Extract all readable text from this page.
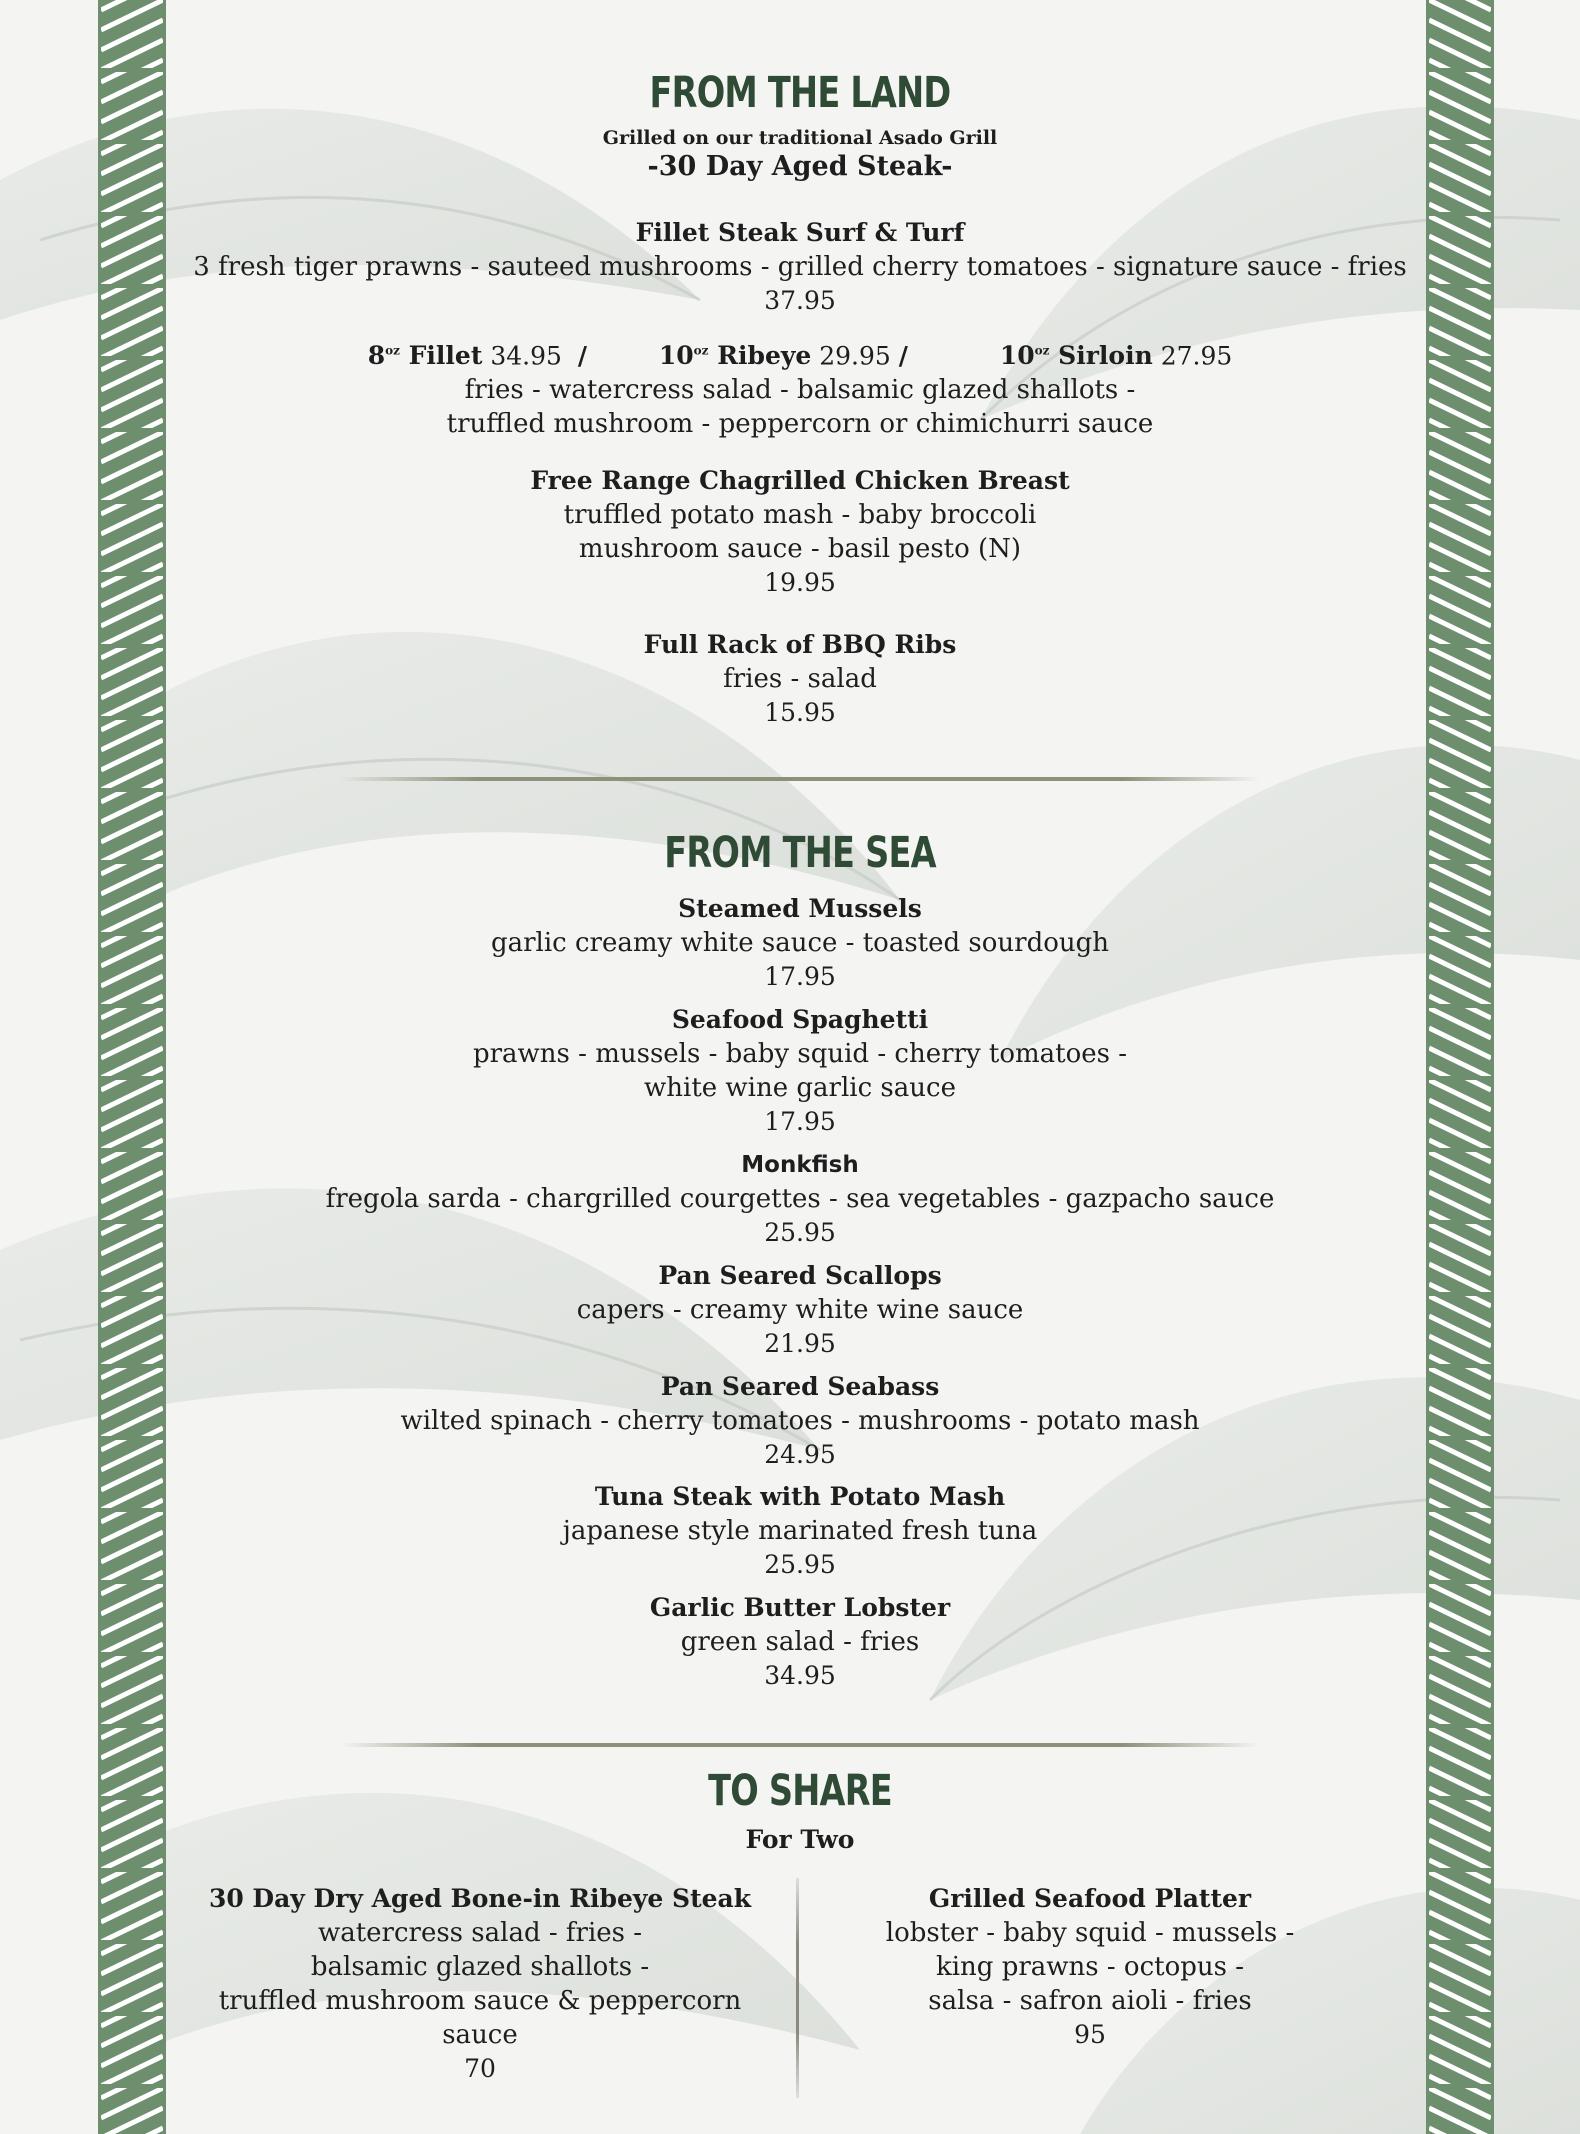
FROM THE LAND

Grilled on our traditional Asado Grill

-30 Day Aged Steak-

Fillet Steak Surf & Turf

3 fresh tiger prawns - sauteed mushrooms - grilled cherry tomatoes - signature sauce - fries

37.95

$8^{oz}$ Fillet 34.95 /	$10^{oz}$ Ribeye 29.95 /	$10^{oz}$ Sirloin 27.95

fries - watercress salad - balsamic glazed shallots -

truffled mushroom - peppercorn or chimichurri sauce

Free Range Chagrilled Chicken Breast

truffled potato mash - baby broccoli

mushroom sauce - basil pesto (N)

19.95

Full Rack of BBQ Ribs

fries - salad

15.95

FROM THE SEA

Steamed Mussels

garlic creamy white sauce - toasted sourdough

17.95

Seafood Spaghetti

prawns - mussels - baby squid - cherry tomatoes -

white wine garlic sauce

17.95

Monkfish

fregola sarda - chargrilled courgettes - sea vegetables - gazpacho sauce

25.95

Pan Seared Scallops

capers - creamy white wine sauce

21.95

Pan Seared Seabass

wilted spinach - cherry tomatoes - mushrooms - potato mash

24.95

Tuna Steak with Potato Mash

japanese style marinated fresh tuna

25.95

Garlic Butter Lobster

green salad - fries

34.95

TO SHARE

For Two

30 Day Dry Aged Bone-in Ribeye Steak

watercress salad - fries -

balsamic glazed shallots -

truffled mushroom sauce & peppercorn sauce

70

Grilled Seafood Platter

lobster - baby squid - mussels -

king prawns - octopus -

salsa - safron aioli - fries

95
